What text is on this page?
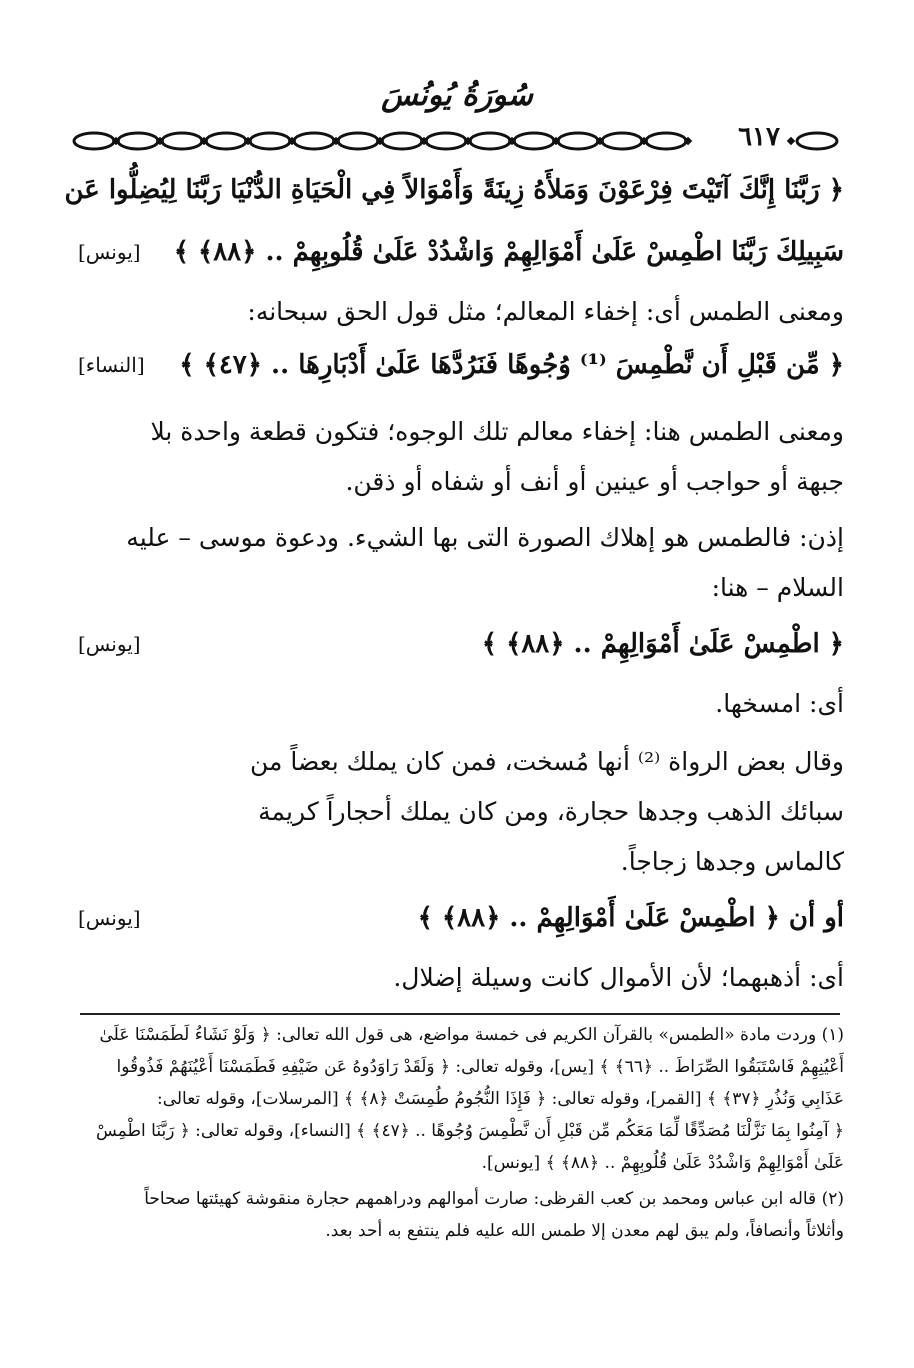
سُورَةُ يُونُسَ
٦١٧
﴿ رَبَّنَا إِنَّكَ آتَيْتَ فِرْعَوْنَ وَمَلأَهُ زِينَةً وَأَمْوَالاً فِي الْحَيَاةِ الدُّنْيَا رَبَّنَا لِيُضِلُّوا عَن
سَبِيلِكَ رَبَّنَا اطْمِسْ عَلَىٰ أَمْوَالِهِمْ وَاشْدُدْ عَلَىٰ قُلُوبِهِمْ .. ﴿٨٨﴾ ﴾
[يونس]
ومعنى الطمس أى: إخفاء المعالم؛ مثل قول الحق سبحانه:
﴿ مِّن قَبْلِ أَن نَّطْمِسَ ⁽¹⁾ وُجُوهًا فَنَرُدَّهَا عَلَىٰ أَدْبَارِهَا .. ﴿٤٧﴾ ﴾
[النساء]
ومعنى الطمس هنا: إخفاء معالم تلك الوجوه؛ فتكون قطعة واحدة بلا
جبهة أو حواجب أو عينين أو أنف أو شفاه أو ذقن.
إذن: فالطمس هو إهلاك الصورة التى بها الشيء. ودعوة موسى – عليه
السلام – هنا:
﴿ اطْمِسْ عَلَىٰ أَمْوَالِهِمْ .. ﴿٨٨﴾ ﴾
[يونس]
أى: امسخها.
وقال بعض الرواة ⁽²⁾ أنها مُسخت، فمن كان يملك بعضاً من
سبائك الذهب وجدها حجارة، ومن كان يملك أحجاراً كريمة
كالماس وجدها زجاجاً.
أو أن ﴿ اطْمِسْ عَلَىٰ أَمْوَالِهِمْ .. ﴿٨٨﴾ ﴾
[يونس]
أى: أذهبهما؛ لأن الأموال كانت وسيلة إضلال.
(١) وردت مادة «الطمس» بالقرآن الكريم فى خمسة مواضع، هى قول الله تعالى: ﴿ وَلَوْ نَشَاءُ لَطَمَسْنَا عَلَىٰ
أَعْيُنِهِمْ فَاسْتَبَقُوا الصِّرَاطَ .. ﴿٦٦﴾ ﴾ [يس]، وقوله تعالى: ﴿ وَلَقَدْ رَاوَدُوهُ عَن ضَيْفِهِ فَطَمَسْنَا أَعْيُنَهُمْ فَذُوقُوا
عَذَابِي وَنُذُرِ ﴿٣٧﴾ ﴾ [القمر]، وقوله تعالى: ﴿ فَإِذَا النُّجُومُ طُمِسَتْ ﴿٨﴾ ﴾ [المرسلات]، وقوله تعالى:
﴿ آمِنُوا بِمَا نَزَّلْنَا مُصَدِّقًا لِّمَا مَعَكُم مِّن قَبْلِ أَن نَّطْمِسَ وُجُوهًا .. ﴿٤٧﴾ ﴾ [النساء]، وقوله تعالى: ﴿ رَبَّنَا اطْمِسْ
عَلَىٰ أَمْوَالِهِمْ وَاشْدُدْ عَلَىٰ قُلُوبِهِمْ .. ﴿٨٨﴾ ﴾ [يونس].
(٢) قاله ابن عباس ومحمد بن كعب القرظى: صارت أموالهم ودراهمهم حجارة منقوشة كهيئتها صحاحاً
وأثلاثاً وأنصافاً، ولم يبق لهم معدن إلا طمس الله عليه فلم ينتفع به أحد بعد.
